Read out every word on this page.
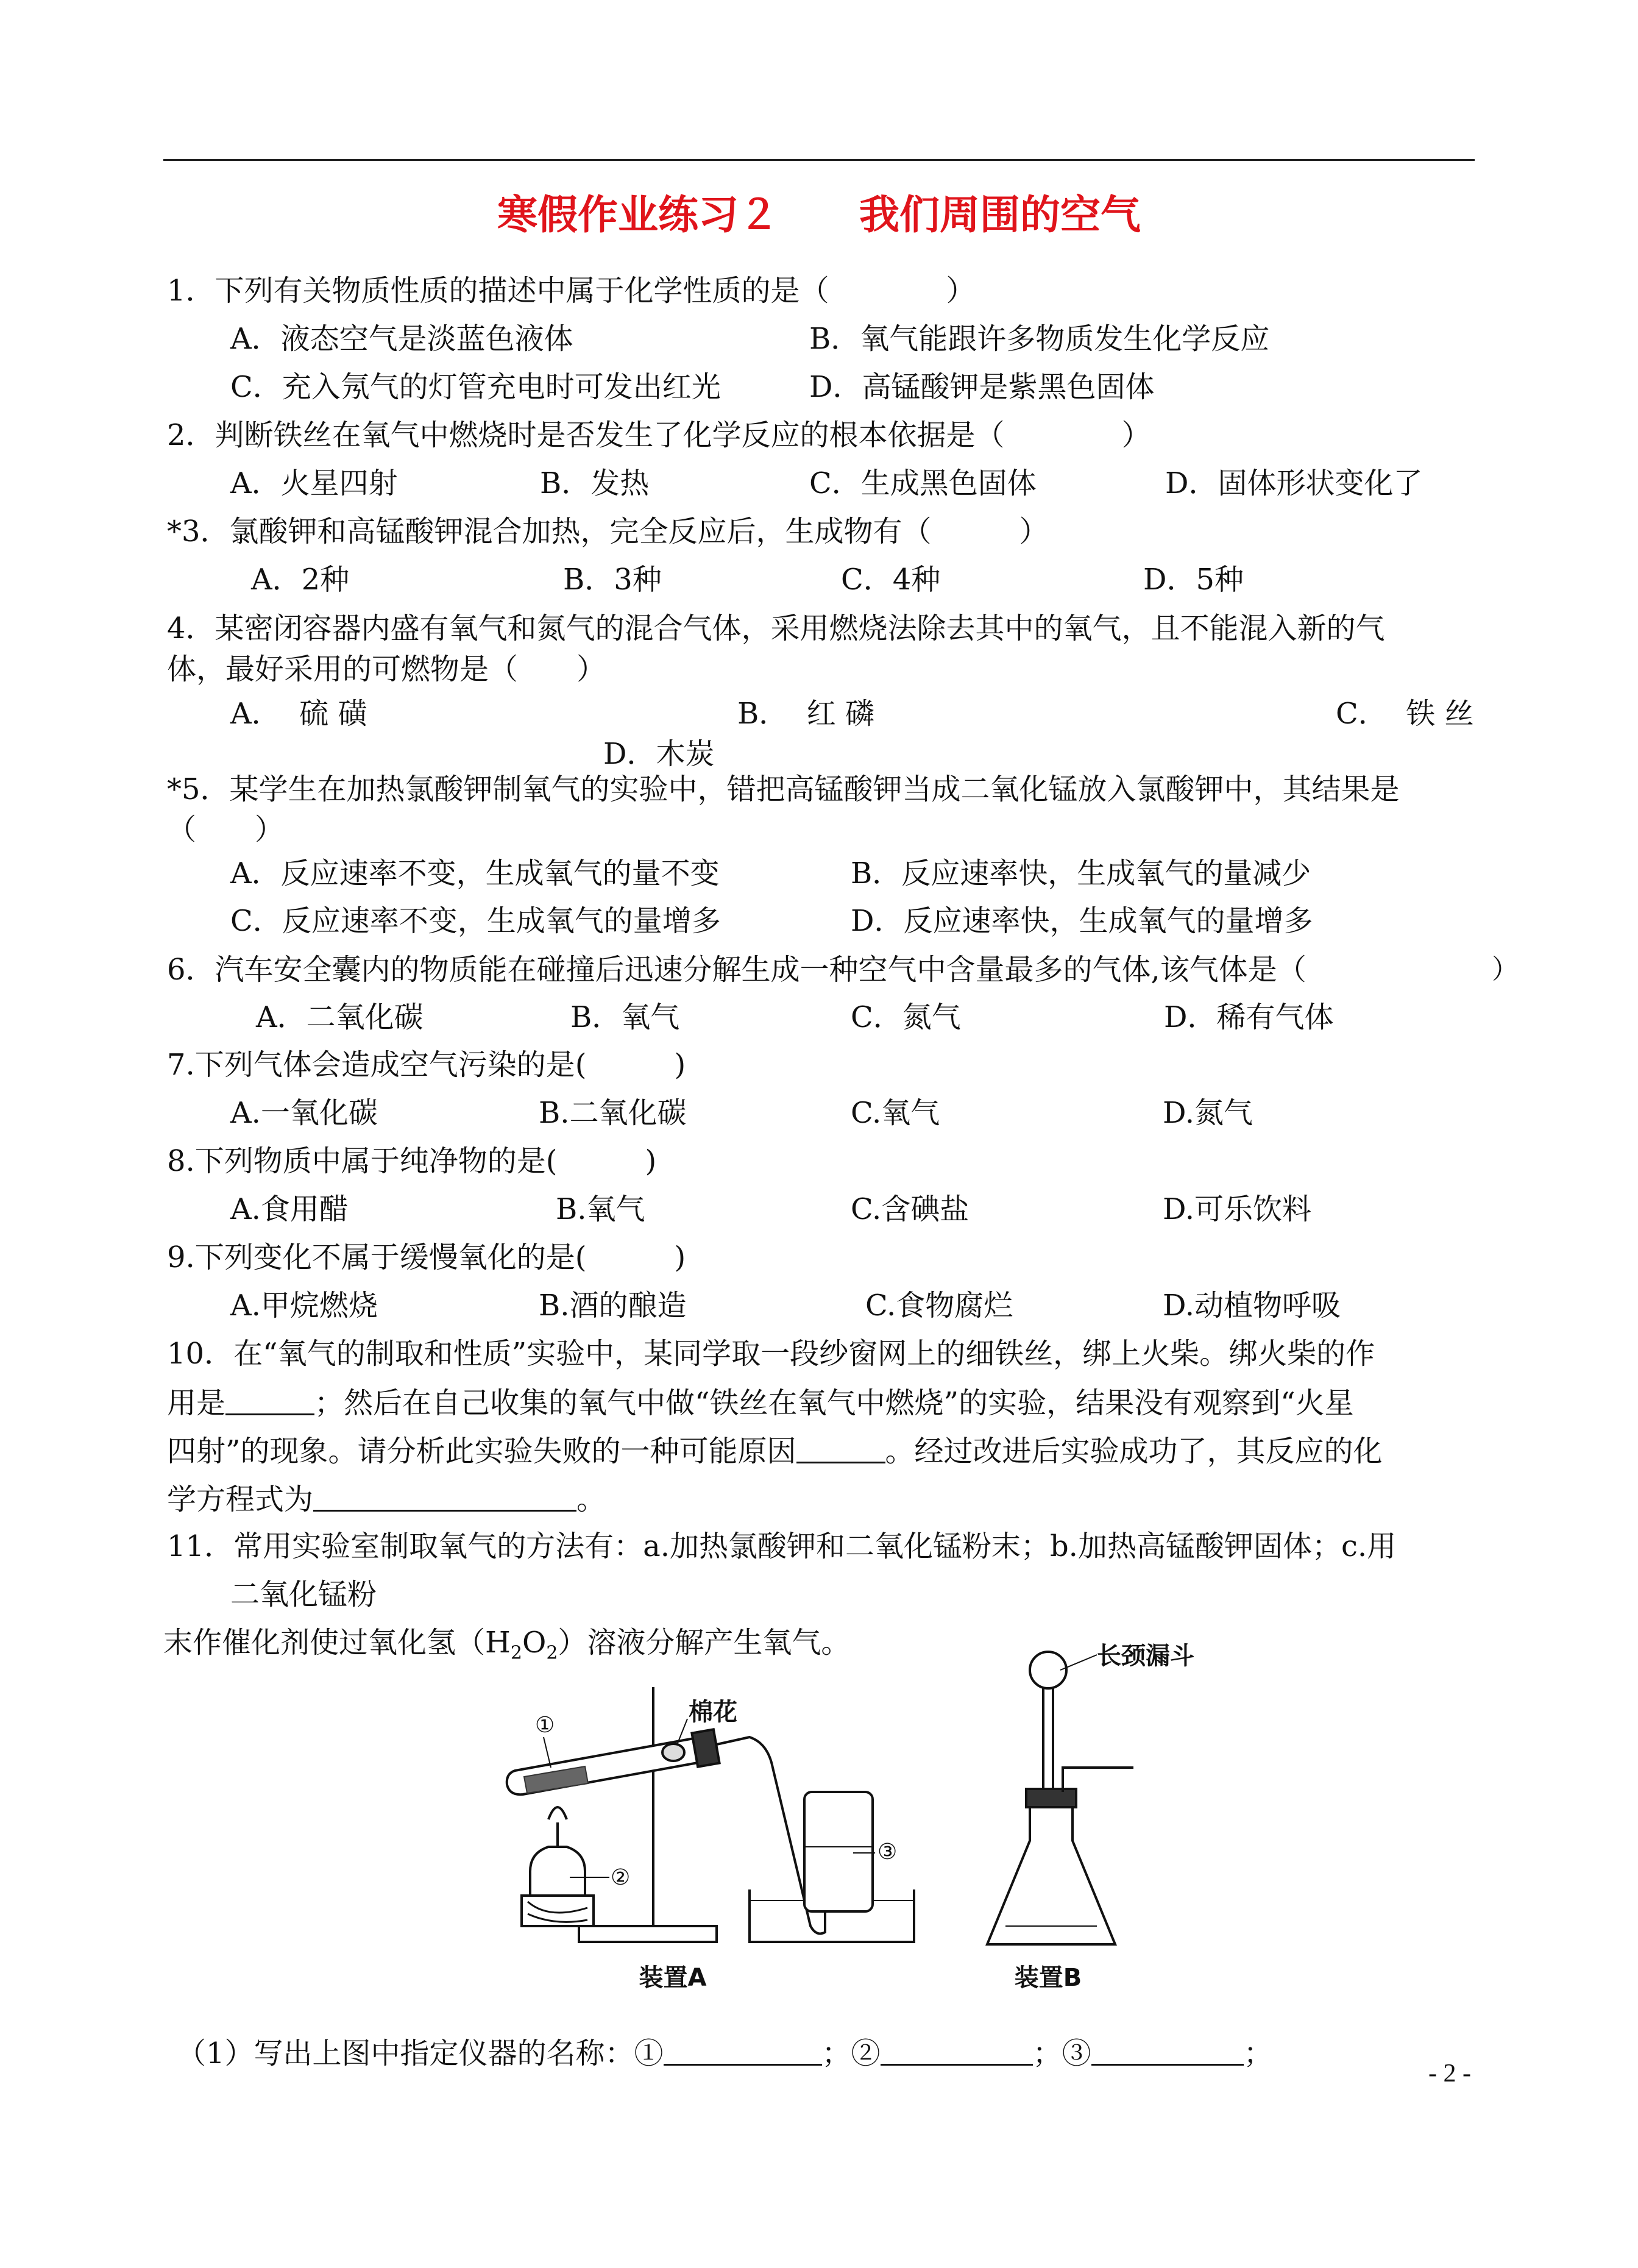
寒假作业练习２　　我们周围的空气
1．下列有关物质性质的描述中属于化学性质的是（　　　　）
A．液态空气是淡蓝色液体	B．氧气能跟许多物质发生化学反应
C．充入氖气的灯管充电时可发出红光	D．高锰酸钾是紫黑色固体
2．判断铁丝在氧气中燃烧时是否发生了化学反应的根本依据是（　　　　）
A．火星四射	B．发热	C．生成黑色固体	D．固体形状变化了
*3．氯酸钾和高锰酸钾混合加热，完全反应后，生成物有（　　　）
A．2种	B．3种	C．4种	D．5种
4．某密闭容器内盛有氧气和氮气的混合气体，采用燃烧法除去其中的氧气，且不能混入新的气
体，最好采用的可燃物是（　　）
A．  硫 磺	B．  红 磷	C．  铁 丝
D．木炭
*5．某学生在加热氯酸钾制氧气的实验中，错把高锰酸钾当成二氧化锰放入氯酸钾中，其结果是
（　　）
A．反应速率不变，生成氧气的量不变	B．反应速率快，生成氧气的量减少
C．反应速率不变，生成氧气的量增多	D．反应速率快，生成氧气的量增多
6．汽车安全囊内的物质能在碰撞后迅速分解生成一种空气中含量最多的气体,该气体是（	）
A．二氧化碳	B．氧气	C．氮气	D．稀有气体
7.下列气体会造成空气污染的是(　　　)
A.一氧化碳	B.二氧化碳	C.氧气	D.氮气
8.下列物质中属于纯净物的是(　　　)
A.食用醋	B.氧气	C.含碘盐	D.可乐饮料
9.下列变化不属于缓慢氧化的是(　　　)
A.甲烷燃烧	B.酒的酿造	C.食物腐烂	D.动植物呼吸
10．在“氧气的制取和性质”实验中，某同学取一段纱窗网上的细铁丝，绑上火柴。绑火柴的作
用是	；然后在自己收集的氧气中做“铁丝在氧气中燃烧”的实验，结果没有观察到“火星
四射”的现象。请分析此实验失败的一种可能原因	。经过改进后实验成功了，其反应的化
学方程式为	。
11．常用实验室制取氧气的方法有：a.加热氯酸钾和二氧化锰粉末；b.加热高锰酸钾固体；c.用
二氧化锰粉
末作催化剂使过氧化氢$(H_2O_2)$溶液分解产生氧气。
①	棉花
②
③
长颈漏斗
装置A	装置B
（1）写出上图中指定仪器的名称：①	；②	；③	；
- 2 -
